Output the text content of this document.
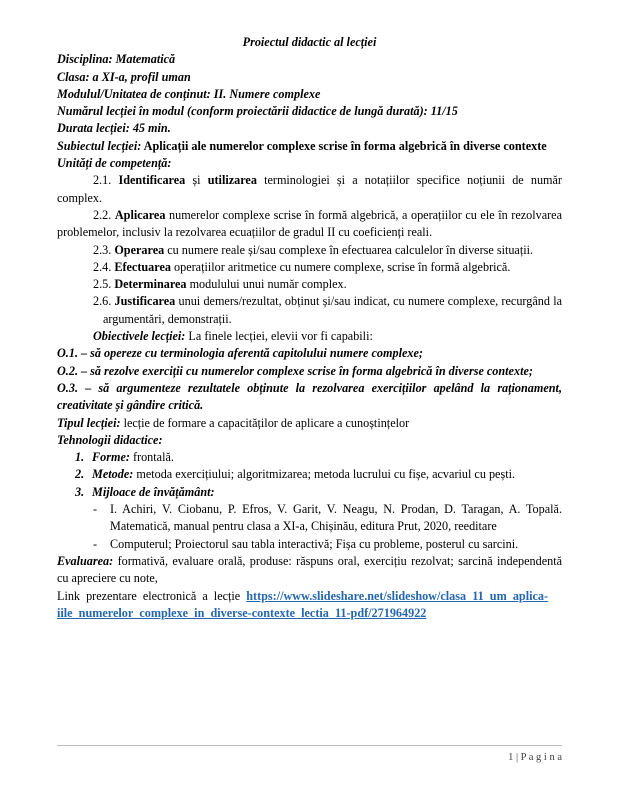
Proiectul didactic al lecției

Disciplina: Matematică

Clasa: a XI-a, profil uman

Modulul/Unitatea de conținut: II. Numere complexe

Numărul lecției în modul (conform proiectării didactice de lungă durată): 11/15

Durata lecției: 45 min.

Subiectul lecției: Aplicații ale numerelor complexe scrise în forma algebrică în diverse contexte

Unități de competență:

2.1. Identificarea și utilizarea terminologiei și a notațiilor specifice noțiunii de număr complex.

2.2. Aplicarea numerelor complexe scrise în formă algebrică, a operațiilor cu ele în rezolvarea problemelor, inclusiv la rezolvarea ecuațiilor de gradul II cu coeficienți reali.

2.3. Operarea cu numere reale și/sau complexe în efectuarea calculelor în diverse situații.

2.4. Efectuarea operațiilor aritmetice cu numere complexe, scrise în formă algebrică.

2.5. Determinarea modulului unui număr complex.

2.6. Justificarea unui demers/rezultat, obținut și/sau indicat, cu numere complexe, recurgând la argumentări, demonstrații.

Obiectivele lecției: La finele lecției, elevii vor fi capabili:

O.1. – să opereze cu terminologia aferentă capitolului numere complexe;

O.2. – să rezolve exerciții cu numerelor complexe scrise în forma algebrică în diverse contexte;

O.3. – să argumenteze rezultatele obținute la rezolvarea exercițiilor apelând la raționament, creativitate și gândire critică.

Tipul lecției: lecție de formare a capacităților de aplicare a cunoștințelor

Tehnologii didactice:

1. Forme: frontală.

2. Metode: metoda exercițiului; algoritmizarea; metoda lucrului cu fișe, acvariul cu pești.

3. Mijloace de învățământ:

- I. Achiri, V. Ciobanu, P. Efros, V. Garit, V. Neagu, N. Prodan, D. Taragan, A. Topală. Matematică, manual pentru clasa a XI-a, Chișinău, editura Prut, 2020, reeditare

- Computerul; Proiectorul sau tabla interactivă; Fișa cu probleme, posterul cu sarcini.

Evaluarea: formativă, evaluare orală, produse: răspuns oral, exercițiu rezolvat; sarcină independentă cu apreciere cu note,

Link prezentare electronică a lecție https://www.slideshare.net/slideshow/clasa_11_um_aplica-
iile_numerelor_complexe_in_diverse-contexte_lectia_11-pdf/271964922

1 | P a g i n a
